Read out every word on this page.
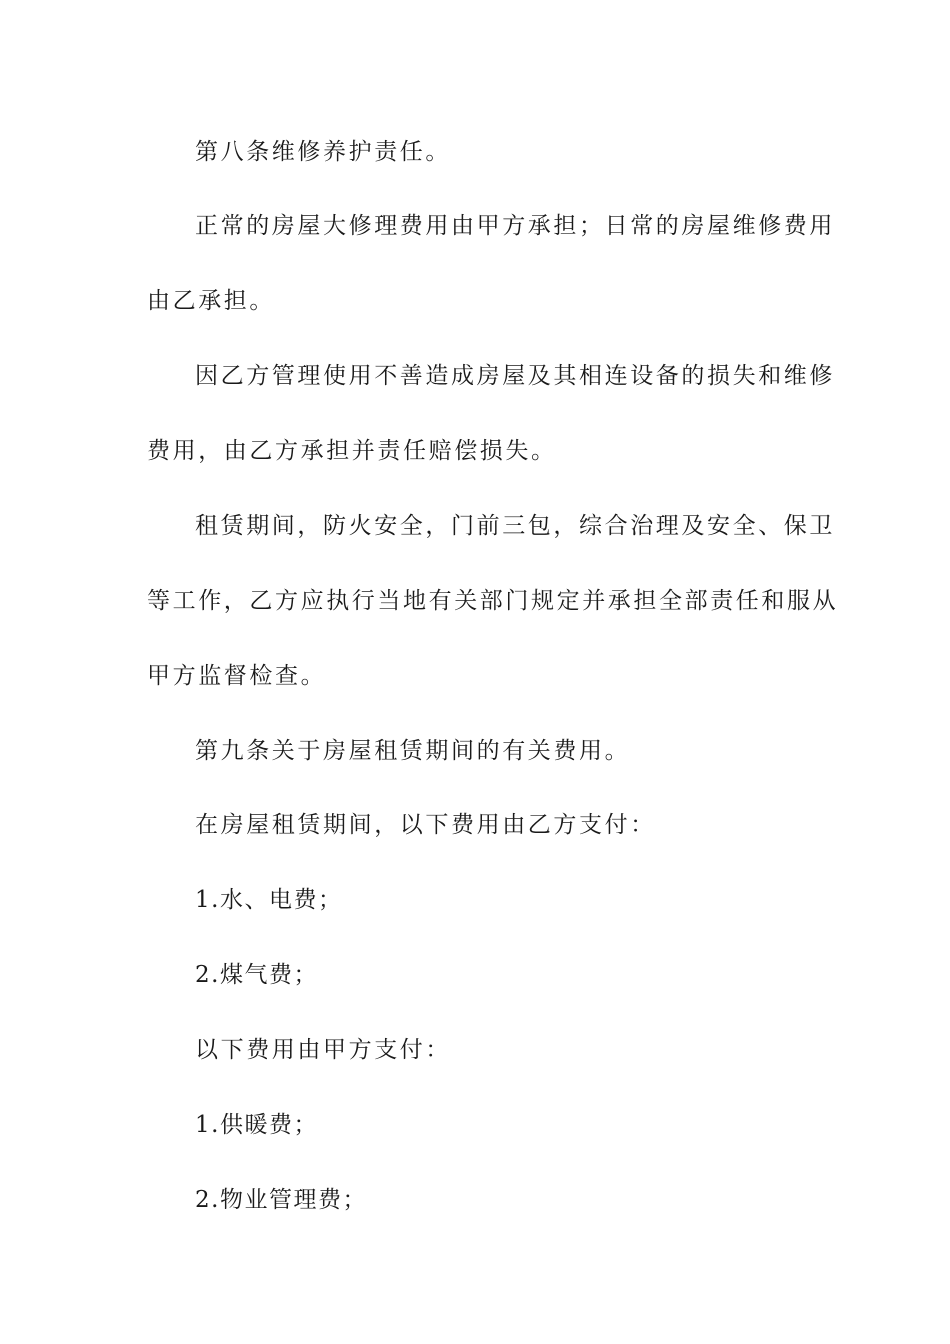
第八条维修养护责任。
正常的房屋大修理费用由甲方承担；日常的房屋维修费用
由乙承担。
因乙方管理使用不善造成房屋及其相连设备的损失和维修
费用，由乙方承担并责任赔偿损失。
租赁期间，防火安全，门前三包，综合治理及安全、保卫
等工作，乙方应执行当地有关部门规定并承担全部责任和服从
甲方监督检查。
第九条关于房屋租赁期间的有关费用。
在房屋租赁期间，以下费用由乙方支付：
1.水、电费；
2.煤气费；
以下费用由甲方支付：
1.供暖费；
2.物业管理费；
